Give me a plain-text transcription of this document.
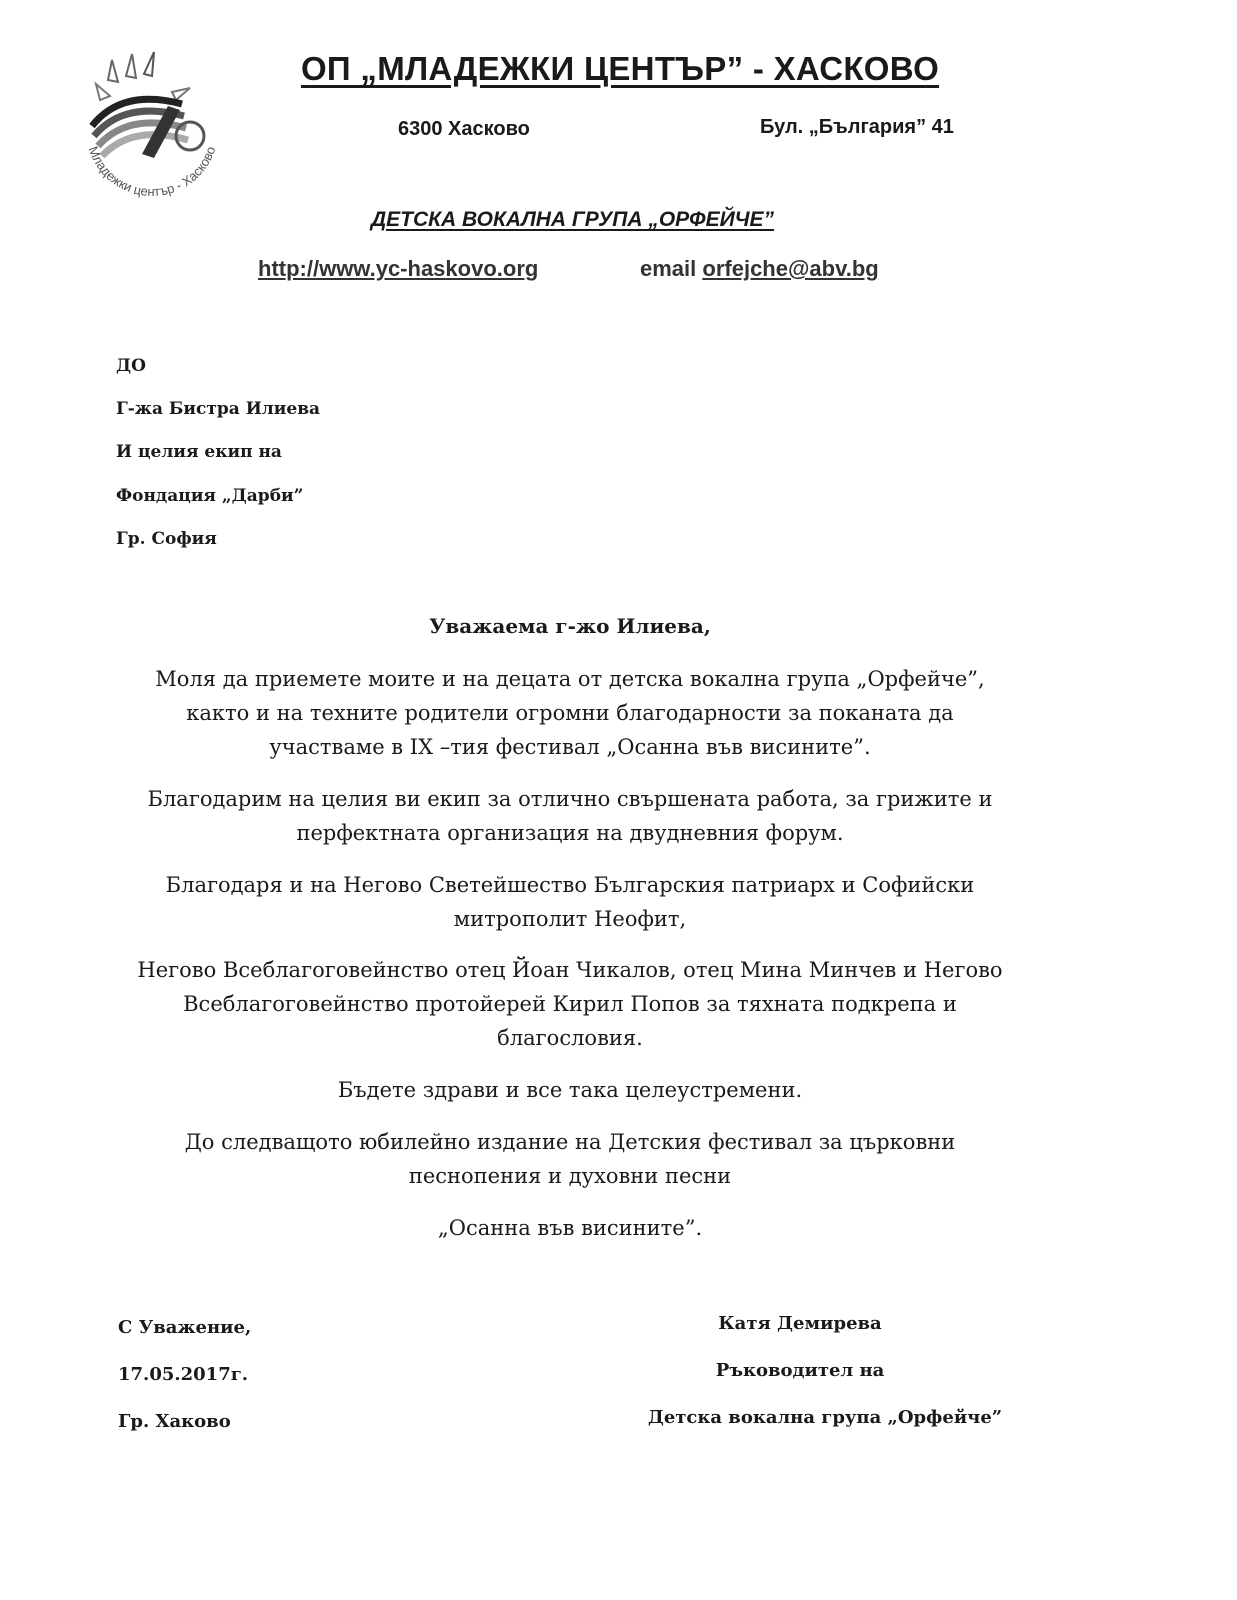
Младежки център - Хасково
ОП „МЛАДЕЖКИ ЦЕНТЪР” - ХАСКОВО
6300 Хасково	Бул. „България” 41
ДЕТСКА ВОКАЛНА ГРУПА „ОРФЕЙЧЕ”
http://www.yc-haskovo.org	email orfejche@abv.bg
ДО
Г-жа Бистра Илиева
И целия екип на
Фондация „Дарби”
Гр. София
Уважаема г-жо Илиева,
Моля да приемете моите и на децата от детска вокална група „Орфейче”,
както и на техните родители огромни благодарности за поканата да
участваме в IX –тия фестивал „Осанна във висините”.
Благодарим на целия ви екип за отлично свършената работа, за грижите и
перфектната организация на двудневния форум.
Благодаря и на Негово Светейшество Българския патриарх и Софийски
митрополит Неофит,
Негово Всеблагоговейнство отец Йоан Чикалов, отец Мина Минчев и Негово
Всеблагоговейнство протойерей Кирил Попов за тяхната подкрепа и
благословия.
Бъдете здрави и все така целеустремени.
До следващото юбилейно издание на Детския фестивал за църковни
песнопения и духовни песни
„Осанна във висините”.
С Уважение,
17.05.2017г.
Гр. Хаково
Катя Демирева
Ръководител на
Детска вокална група „Орфейче”
